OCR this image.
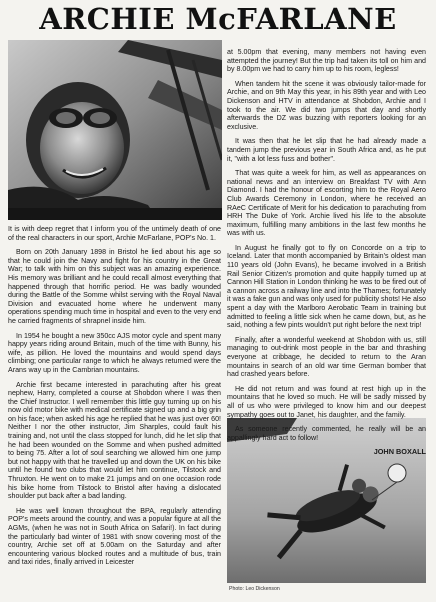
ARCHIE McFARLANE

It is with deep regret that I inform you of the untimely death of one of the real characters in our sport, Archie McFarlane, POP's No. 1.

Born on 20th January 1898 in Bristol he lied about his age so that he could join the Navy and fight for his country in the Great War; to talk with him on this subject was an amazing experience. His memory was brilliant and he could recall almost everything that happened through that horrific period. He was badly wounded during the Battle of the Somme whilst serving with the Royal Naval Division and evacuated home where he underwent many operations spending much time in hospital and even to the very end he carried fragments of shrapnel inside him.

In 1954 he bought a new 350cc AJS motor cycle and spent many happy years riding around Britain, much of the time with Bunny, his wife, as pillion. He loved the mountains and would spend days climbing; one particular range to which he always returned were the Arans way up in the Cambrian mountains.

Archie first became interested in parachuting after his great nephew, Harry, completed a course at Shobdon where I was then the Chief Instructor. I well remember this little guy turning up on his now old motor bike with medical certificate signed up and a big grin on his face; when asked his age he replied that he was just over 60! Neither I nor the other instructor, Jim Sharples, could fault his training and, not until the class stopped for lunch, did he let slip that he had been wounded on the Somme and when pushed admitted to being 75. After a lot of soul searching we allowed him one jump but not happy with that he travelled up and down the UK on his bike until he found two clubs that would let him continue, Tilstock and Thruxton. He went on to make 21 jumps and on one occasion rode his bike home from Tilstock to Bristol after having a dislocated shoulder put back after a bad landing.

He was well known throughout the BPA, regularly attending POP's meets around the country, and was a popular figure at all the AGMs, (when he was not in South Africa on Safari!). In fact during the particularly bad winter of 1981 with snow covering most of the country, Archie set off at 5.00am on the Saturday and after encountering various blocked routes and a multitude of bus, train and taxi rides, finally arrived in Leicester

at 5.00pm that evening, many members not having even attempted the journey! But the trip had taken its toll on him and by 8.00pm we had to carry him up to his room, legless!

When tandem hit the scene it was obviously tailor-made for Archie, and on 9th May this year, in his 89th year and with Leo Dickenson and HTV in attendance at Shobdon, Archie and I took to the air. We did two jumps that day and shortly afterwards the DZ was buzzing with reporters looking for an exclusive.

It was then that he let slip that he had already made a tandem jump the previous year in South Africa and, as he put it, "with a lot less fuss and bother".

That was quite a week for him, as well as appearances on national news and an interview on Breakfast TV with Ann Diamond. I had the honour of escorting him to the Royal Aero Club Awards Ceremony in London, where he received an RAeC Certificate of Merit for his dedication to parachuting from HRH The Duke of York. Archie lived his life to the absolute maximum, fulfilling many ambitions in the last few months he was with us.

In August he finally got to fly on Concorde on a trip to Iceland. Later that month accompanied by Britain's oldest man 110 years old (John Evans), he became involved in a British Rail Senior Citizen's promotion and quite happily turned up at Cannon Hill Station in London thinking he was to be fired out of a cannon across a railway line and into the Thames; fortunately it was a fake gun and was only used for publicity shots! He also spent a day with the Marlboro Aerobatic Team in training but admitted to feeling a little sick when he came down, but, as he said, nothing a few pints wouldn't put right before the next trip!

Finally, after a wonderful weekend at Shobdon with us, still managing to out-drink most people in the bar and thrashing everyone at cribbage, he decided to return to the Aran mountains in search of an old war time German bomber that had crashed years before.

He did not return and was found at rest high up in the mountains that he loved so much. He will be sadly missed by all of us who were privileged to know him and our deepest sympathy goes out to Janet, his daughter, and the family.

As someone recently commented, he really will be an appallingly hard act to follow!

JOHN BOXALL
Photo: Leo Dickenson
